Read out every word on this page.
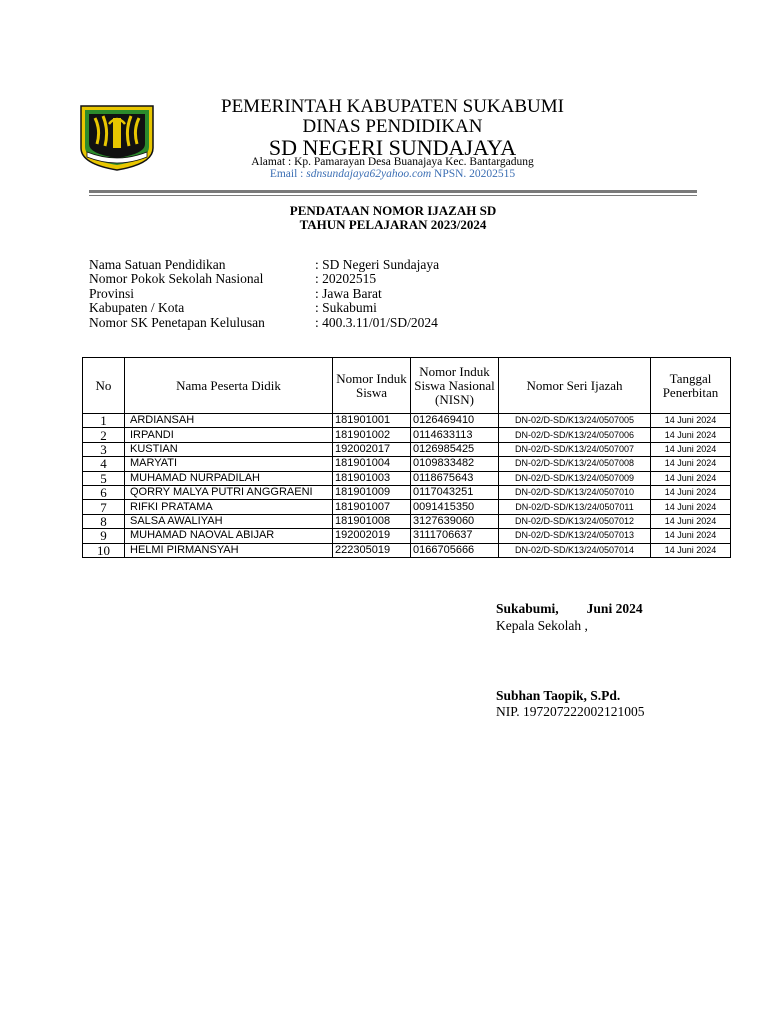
PEMERINTAH KABUPATEN SUKABUMI
DINAS PENDIDIKAN
SD NEGERI SUNDAJAYA
Alamat : Kp. Pamarayan Desa Buanajaya Kec. Bantargadung
Email : sdnsundajaya62yahoo.com NPSN. 20202515
PENDATAAN NOMOR IJAZAH SD
TAHUN PELAJARAN 2023/2024
Nama Satuan Pendidikan	: SD Negeri Sundajaya
Nomor Pokok Sekolah Nasional	: 20202515
Provinsi	: Jawa Barat
Kabupaten / Kota	: Sukabumi
Nomor SK Penetapan Kelulusan	: 400.3.11/01/SD/2024
No	Nama Peserta Didik	Nomor Induk Siswa	Nomor Induk Siswa Nasional (NISN)	Nomor Seri Ijazah	Tanggal Penerbitan
1	ARDIANSAH	181901001	0126469410	DN-02/D-SD/K13/24/0507005	14 Juni 2024
2	IRPANDI	181901002	0114633113	DN-02/D-SD/K13/24/0507006	14 Juni 2024
3	KUSTIAN	192002017	0126985425	DN-02/D-SD/K13/24/0507007	14 Juni 2024
4	MARYATI	181901004	0109833482	DN-02/D-SD/K13/24/0507008	14 Juni 2024
5	MUHAMAD NURPADILAH	181901003	0118675643	DN-02/D-SD/K13/24/0507009	14 Juni 2024
6	QORRY MALYA PUTRI ANGGRAENI	181901009	0117043251	DN-02/D-SD/K13/24/0507010	14 Juni 2024
7	RIFKI PRATAMA	181901007	0091415350	DN-02/D-SD/K13/24/0507011	14 Juni 2024
8	SALSA AWALIYAH	181901008	3127639060	DN-02/D-SD/K13/24/0507012	14 Juni 2024
9	MUHAMAD NAOVAL ABIJAR	192002019	3111706637	DN-02/D-SD/K13/24/0507013	14 Juni 2024
10	HELMI PIRMANSYAH	222305019	0166705666	DN-02/D-SD/K13/24/0507014	14 Juni 2024
Sukabumi, Juni 2024
Kepala Sekolah ,
Subhan Taopik, S.Pd.
NIP. 197207222002121005
